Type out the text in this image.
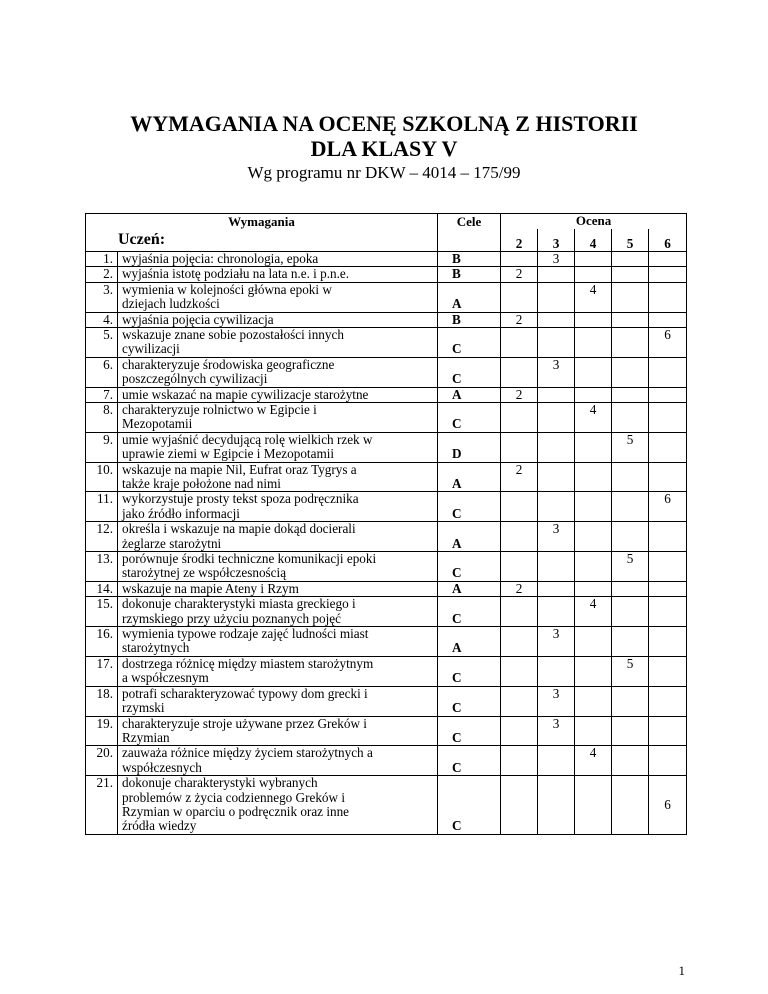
WYMAGANIA NA OCENĘ SZKOLNĄ Z HISTORII
DLA KLASY V
Wg programu nr DKW – 4014 – 175/99
Wymagania		Cele	Ocena				
Uczeń:			2	3	4	5	6
1.	wyjaśnia pojęcia: chronologia, epoka	B		3			
2.	wyjaśnia istotę podziału na lata n.e. i p.n.e.	B	2				
3.	wymienia w kolejności główna epoki w
dziejach ludzkości	A			4		
4.	wyjaśnia pojęcia cywilizacja	B	2				
5.	wskazuje znane sobie pozostałości innych
cywilizacji	C					6
6.	charakteryzuje środowiska geograficzne
poszczególnych cywilizacji	C		3			
7.	umie wskazać na mapie cywilizacje starożytne	A	2				
8.	charakteryzuje rolnictwo w Egipcie i
Mezopotamii	C			4		
9.	umie wyjaśnić decydującą rolę wielkich rzek w
uprawie ziemi w Egipcie i Mezopotamii	D				5	
10.	wskazuje na mapie Nil, Eufrat oraz Tygrys a
także kraje położone nad nimi	A	2				
11.	wykorzystuje prosty tekst spoza podręcznika
jako źródło informacji	C					6
12.	określa i wskazuje na mapie dokąd docierali
żeglarze starożytni	A		3			
13.	porównuje środki techniczne komunikacji epoki
starożytnej ze współczesnością	C				5	
14.	wskazuje na mapie Ateny i Rzym	A	2				
15.	dokonuje charakterystyki miasta greckiego i
rzymskiego przy użyciu poznanych pojęć	C			4		
16.	wymienia typowe rodzaje zajęć ludności miast
starożytnych	A		3			
17.	dostrzega różnicę między miastem starożytnym
a współczesnym	C				5	
18.	potrafi scharakteryzować typowy dom grecki i
rzymski	C		3			
19.	charakteryzuje stroje używane przez Greków i
Rzymian	C		3			
20.	zauważa różnice między życiem starożytnych a
współczesnych	C			4		
21.	dokonuje charakterystyki wybranych
problemów z życia codziennego Greków i
Rzymian w oparciu o podręcznik oraz inne
źródła wiedzy	C					6
1
